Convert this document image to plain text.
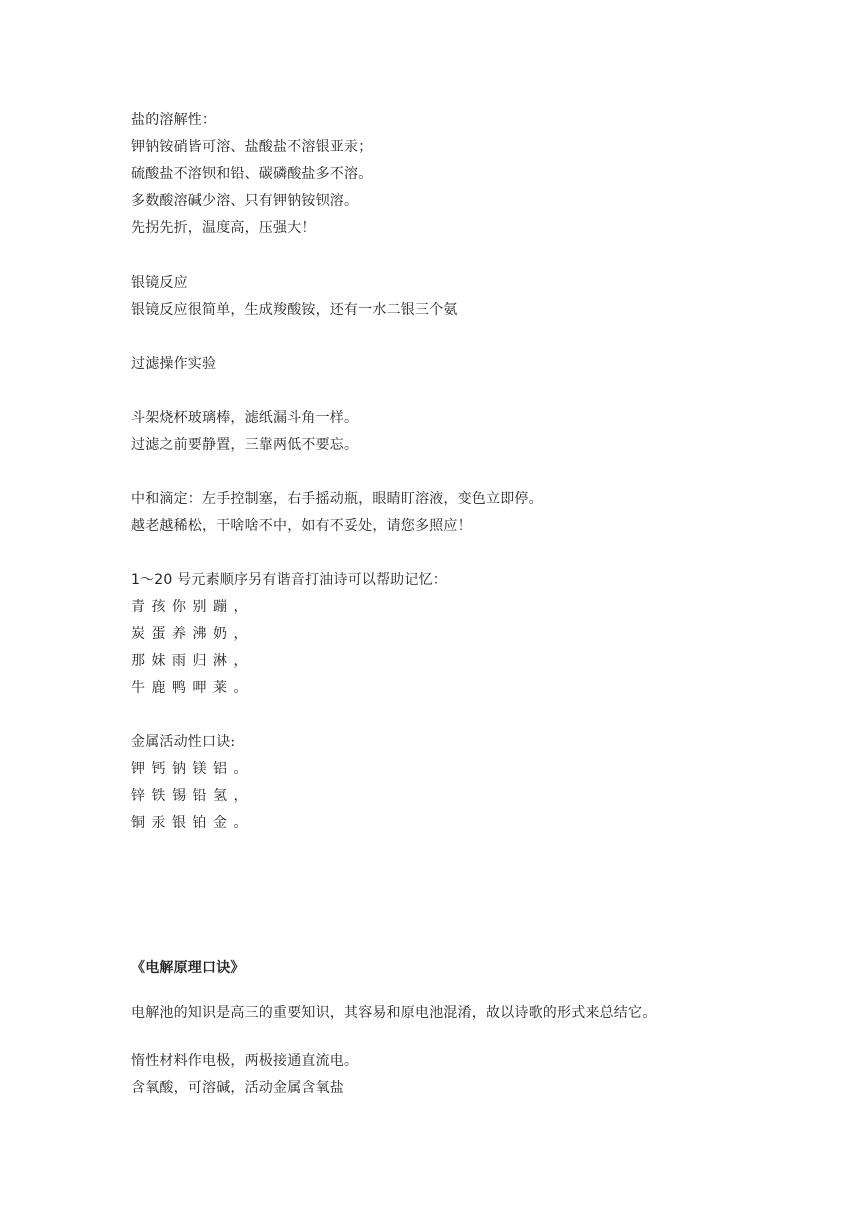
盐的溶解性：
钾钠铵硝皆可溶、盐酸盐不溶银亚汞；
硫酸盐不溶钡和铅、碳磷酸盐多不溶。
多数酸溶碱少溶、只有钾钠铵钡溶。
先拐先折，温度高，压强大！
银镜反应
银镜反应很简单，生成羧酸铵，还有一水二银三个氨
过滤操作实验
斗架烧杯玻璃棒，滤纸漏斗角一样。
过滤之前要静置，三靠两低不要忘。
中和滴定：左手控制塞，右手摇动瓶，眼睛盯溶液，变色立即停。
越老越稀松，干啥啥不中，如有不妥处，请您多照应！
1～20 号元素顺序另有谐音打油诗可以帮助记忆：
青孩你别蹦，
炭蛋养沸奶，
那妹雨归淋，
牛鹿鸭呷莱。
金属活动性口诀:
钾钙钠镁铝。
锌铁锡铅氢，
铜汞银铂金。
《电解原理口诀》
电解池的知识是高三的重要知识，其容易和原电池混淆，故以诗歌的形式来总结它。
惰性材料作电极，两极接通直流电。
含氧酸，可溶碱，活动金属含氧盐
